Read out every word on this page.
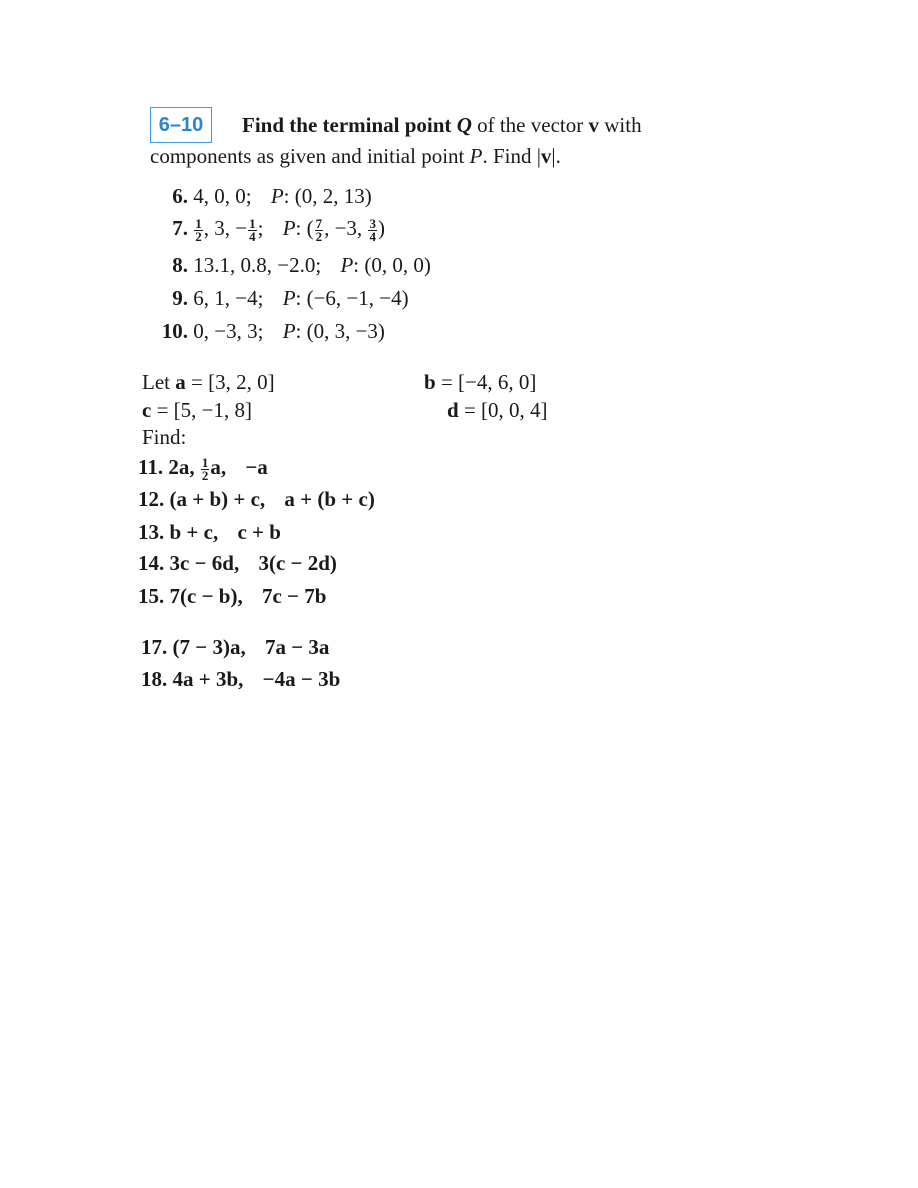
6–10	Find the terminal point Q of the vector v with
components as given and initial point P. Find |v|.
6. 4, 0, 0; P: (0, 2, 13)
7. $\frac{1}{2}$ , 3, − $\frac{1}{4}$ ; P: ( $\frac{7}{2}$ , −3, $\frac{3}{4}$ )
8. 13.1, 0.8, −2.0; P: (0, 0, 0)
9. 6, 1, −4; P: (−6, −1, −4)
10. 0, −3, 3; P: (0, 3, −3)
Let a = [3, 2, 0]	b = [−4, 6, 0]
c = [5, −1, 8]	d = [0, 0, 4]
Find:
11. 2a, $\frac{1}{2} a$, −a
12. (a + b) + c, a + (b + c)
13. b + c, c + b
14. 3c − 6d, 3(c − 2d)
15. 7(c − b), 7c − 7b
17. (7 − 3)a, 7a − 3a
18. 4a + 3b, −4a − 3b
